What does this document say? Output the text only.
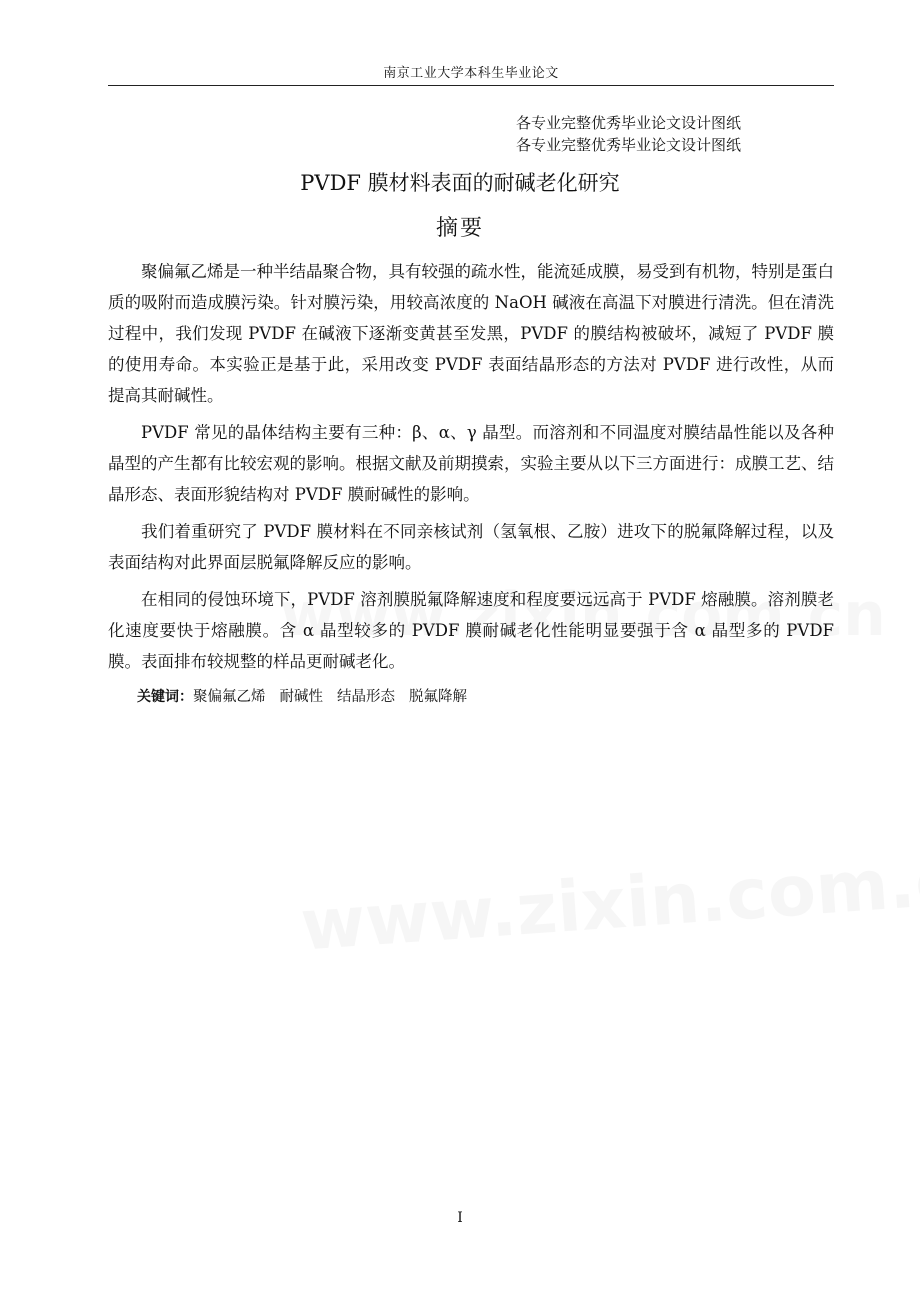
南京工业大学本科生毕业论文
各专业完整优秀毕业论文设计图纸
各专业完整优秀毕业论文设计图纸
PVDF 膜材料表面的耐碱老化研究
摘要

聚偏氟乙烯是一种半结晶聚合物，具有较强的疏水性，能流延成膜，易受到有机物，特别是蛋白质的吸附而造成膜污染。针对膜污染，用较高浓度的 NaOH 碱液在高温下对膜进行清洗。但在清洗过程中，我们发现 PVDF 在碱液下逐渐变黄甚至发黑，PVDF 的膜结构被破坏，减短了 PVDF 膜的使用寿命。本实验正是基于此，采用改变 PVDF 表面结晶形态的方法对 PVDF 进行改性，从而提高其耐碱性。

PVDF 常见的晶体结构主要有三种：β、α、γ 晶型。而溶剂和不同温度对膜结晶性能以及各种晶型的产生都有比较宏观的影响。根据文献及前期摸索，实验主要从以下三方面进行：成膜工艺、结晶形态、表面形貌结构对 PVDF 膜耐碱性的影响。

我们着重研究了 PVDF 膜材料在不同亲核试剂（氢氧根、乙胺）进攻下的脱氟降解过程，以及表面结构对此界面层脱氟降解反应的影响。

在相同的侵蚀环境下，PVDF 溶剂膜脱氟降解速度和程度要远远高于 PVDF 熔融膜。溶剂膜老化速度要快于熔融膜。含 α 晶型较多的 PVDF 膜耐碱老化性能明显要强于含 α 晶型多的 PVDF 膜。表面排布较规整的样品更耐碱老化。

关键词：聚偏氟乙烯 耐碱性 结晶形态 脱氟降解
I
